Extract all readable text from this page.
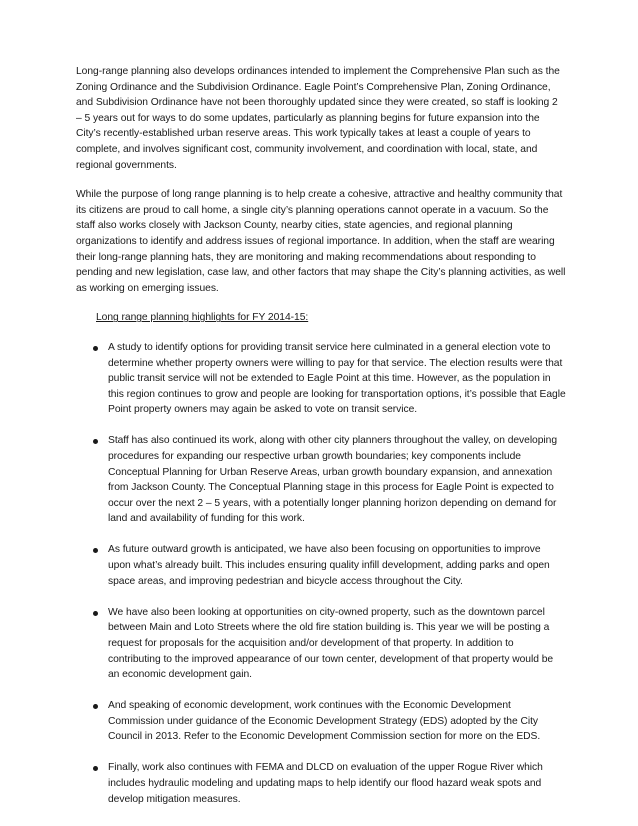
Long-range planning also develops ordinances intended to implement the Comprehensive Plan such as the Zoning Ordinance and the Subdivision Ordinance. Eagle Point’s Comprehensive Plan, Zoning Ordinance, and Subdivision Ordinance have not been thoroughly updated since they were created, so staff is looking 2 – 5 years out for ways to do some updates, particularly as planning begins for future expansion into the City’s recently-established urban reserve areas. This work typically takes at least a couple of years to complete, and involves significant cost, community involvement, and coordination with local, state, and regional governments.

While the purpose of long range planning is to help create a cohesive, attractive and healthy community that its citizens are proud to call home, a single city’s planning operations cannot operate in a vacuum. So the staff also works closely with Jackson County, nearby cities, state agencies, and regional planning organizations to identify and address issues of regional importance. In addition, when the staff are wearing their long-range planning hats, they are monitoring and making recommendations about responding to pending and new legislation, case law, and other factors that may shape the City’s planning activities, as well as working on emerging issues.

Long range planning highlights for FY 2014-15:

A study to identify options for providing transit service here culminated in a general election vote to determine whether property owners were willing to pay for that service. The election results were that public transit service will not be extended to Eagle Point at this time. However, as the population in this region continues to grow and people are looking for transportation options, it’s possible that Eagle Point property owners may again be asked to vote on transit service.
Staff has also continued its work, along with other city planners throughout the valley, on developing procedures for expanding our respective urban growth boundaries; key components include Conceptual Planning for Urban Reserve Areas, urban growth boundary expansion, and annexation from Jackson County. The Conceptual Planning stage in this process for Eagle Point is expected to occur over the next 2 – 5 years, with a potentially longer planning horizon depending on demand for land and availability of funding for this work.
As future outward growth is anticipated, we have also been focusing on opportunities to improve upon what’s already built. This includes ensuring quality infill development, adding parks and open space areas, and improving pedestrian and bicycle access throughout the City.
We have also been looking at opportunities on city-owned property, such as the downtown parcel between Main and Loto Streets where the old fire station building is. This year we will be posting a request for proposals for the acquisition and/or development of that property. In addition to contributing to the improved appearance of our town center, development of that property would be an economic development gain.
And speaking of economic development, work continues with the Economic Development Commission under guidance of the Economic Development Strategy (EDS) adopted by the City Council in 2013. Refer to the Economic Development Commission section for more on the EDS.
Finally, work also continues with FEMA and DLCD on evaluation of the upper Rogue River which includes hydraulic modeling and updating maps to help identify our flood hazard weak spots and develop mitigation measures.
